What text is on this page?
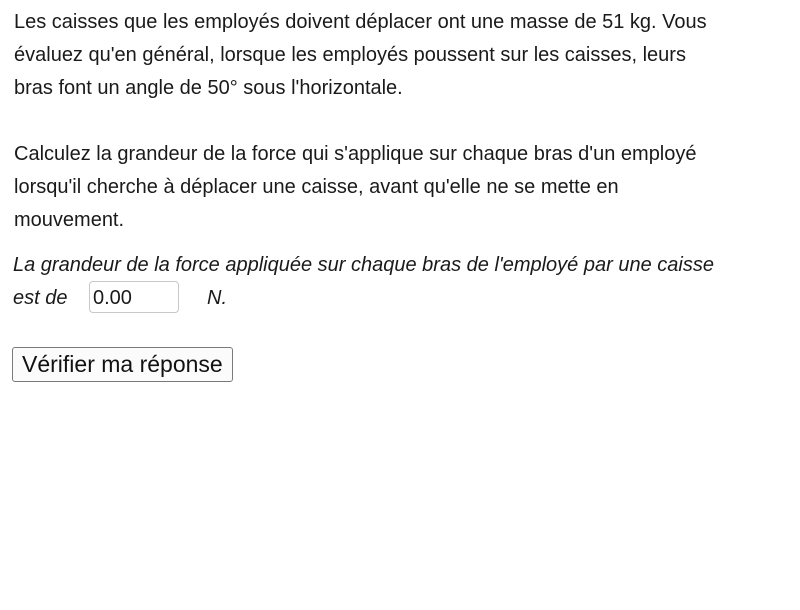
Les caisses que les employés doivent déplacer ont une masse de 51 kg. Vous

évaluez qu'en général, lorsque les employés poussent sur les caisses, leurs

bras font un angle de 50° sous l'horizontale.

Calculez la grandeur de la force qui s'applique sur chaque bras d'un employé

lorsqu'il cherche à déplacer une caisse, avant qu'elle ne se mette en

mouvement.

La grandeur de la force appliquée sur chaque bras de l'employé par une caisse
est de
0.00	N.
Vérifier ma réponse
